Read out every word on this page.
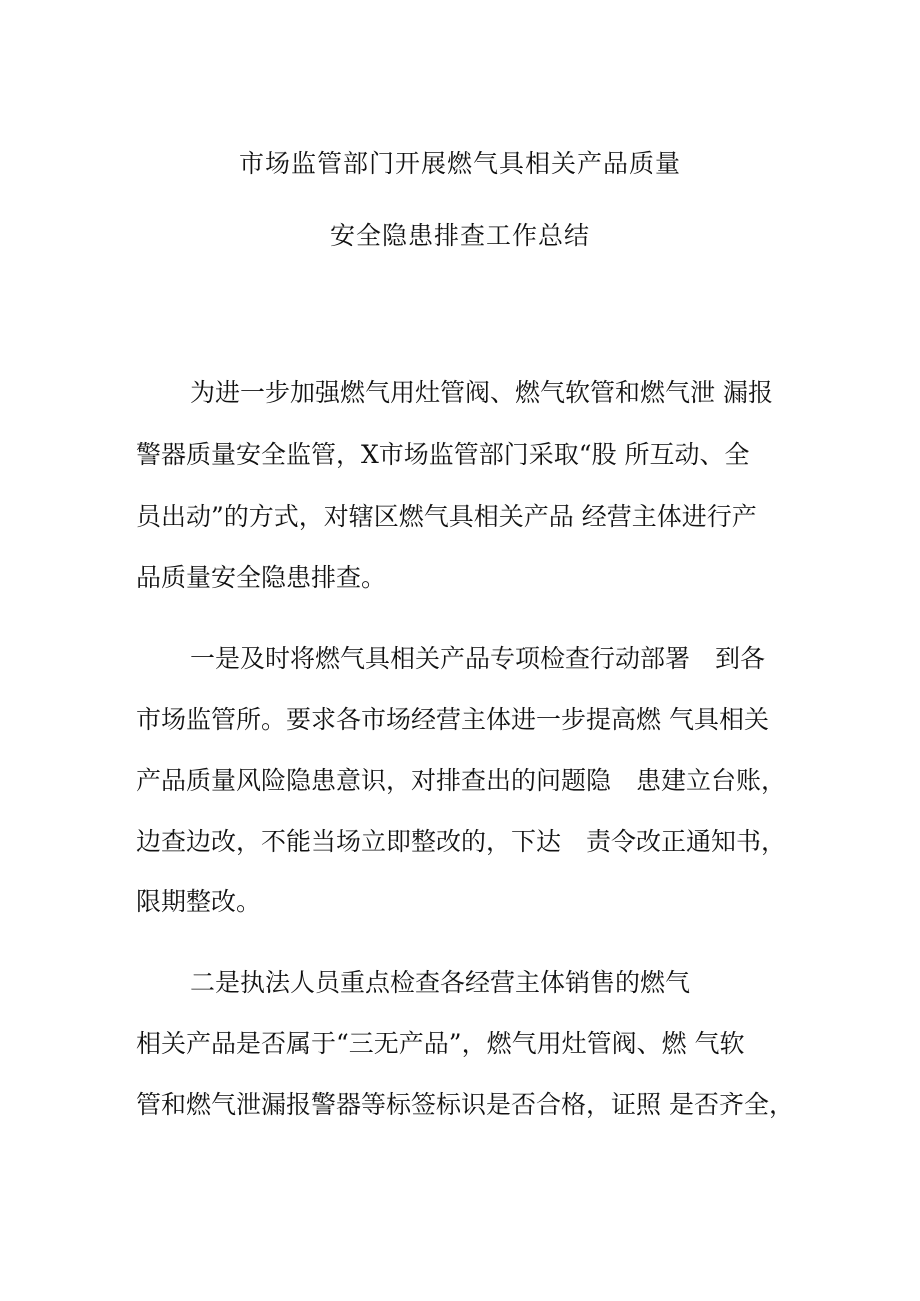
市场监管部门开展燃气具相关产品质量
安全隐患排查工作总结
为进一步加强燃气用灶管阀、燃气软管和燃气泄 漏报
警器质量安全监管，X市场监管部门采取“股 所互动、全
员出动”的方式，对辖区燃气具相关产品 经营主体进行产
品质量安全隐患排查。
一是及时将燃气具相关产品专项检查行动部署　到各
市场监管所。要求各市场经营主体进一步提高燃 气具相关
产品质量风险隐患意识，对排查出的问题隐　患建立台账，
边查边改，不能当场立即整改的，下达　责令改正通知书，
限期整改。
二是执法人员重点检查各经营主体销售的燃气
相关产品是否属于“三无产品”，燃气用灶管阀、燃 气软
管和燃气泄漏报警器等标签标识是否合格，证照 是否齐全，
